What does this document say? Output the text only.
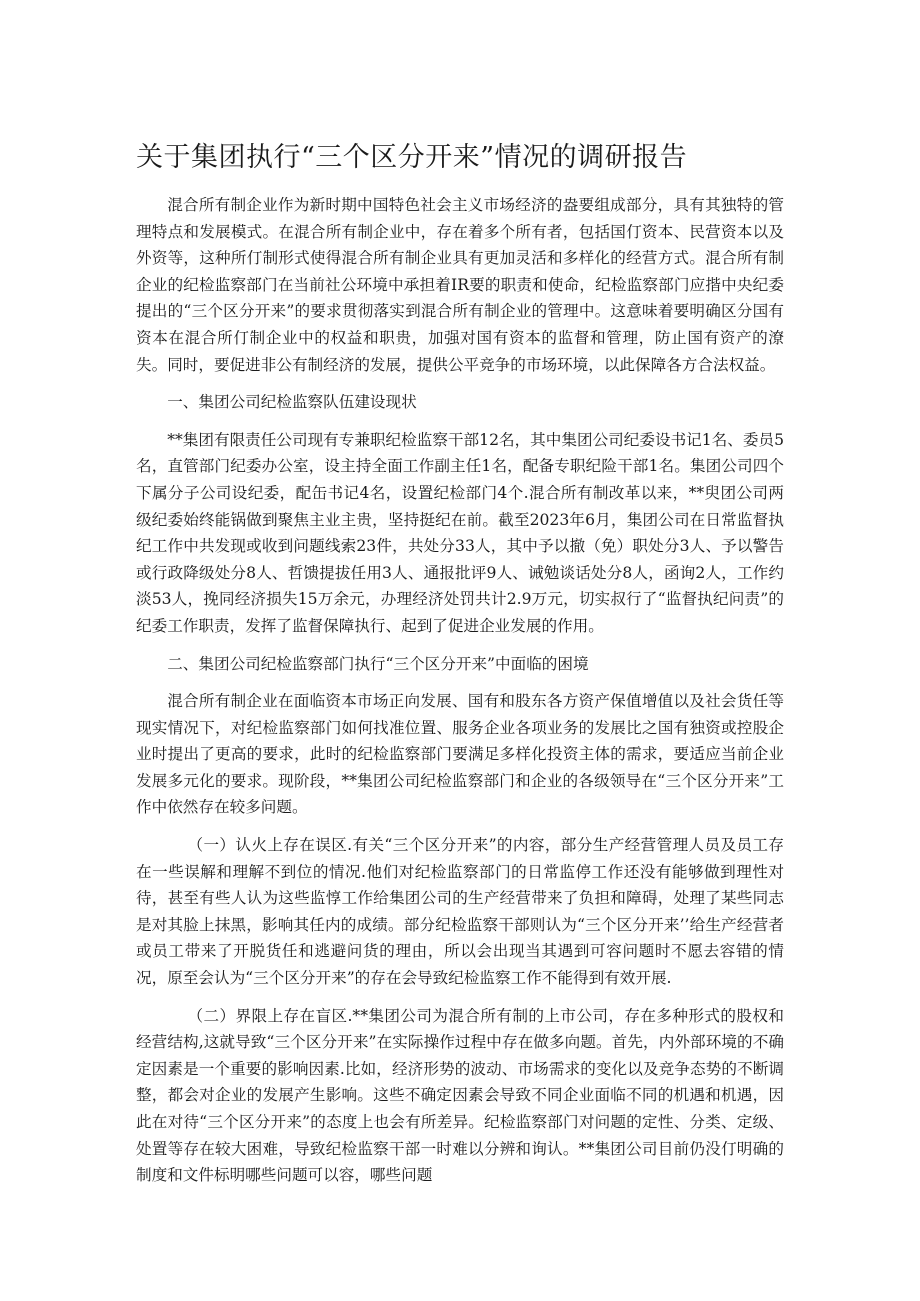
关于集团执行“三个区分开来”情况的调研报告

混合所有制企业作为新时期中国特色社会主义市场经济的盎要组成部分，具有其独特的管理特点和发展模式。在混合所有制企业中，存在着多个所有者，包括国仃资本、民营资本以及外资等，这种所仃制形式使得混合所有制企业具有更加灵活和多样化的经营方式。混合所有制企业的纪检监察部门在当前社公环境中承担着IR要的职责和使命，纪检监察部门应揩中央纪委提出的“三个区分开来”的要求贯彻落实到混合所有制企业的管理中。这意味着要明确区分国有资本在混合所仃制企业中的权益和职贵，加强对国有资本的监督和管理，防止国有资产的潦失。同时，要促进非公有制经济的发展，提供公平竞争的市场环境，以此保障各方合法权益。

一、集团公司纪检监察队伍建设现状

**集团有限责任公司现有专兼职纪检监察干部12名，其中集团公司纪委设书记1名、委员5名，直管部门纪委办公室，设主持全面工作副主任1名，配备专职纪险干部1名。集团公司四个下属分子公司设纪委，配缶书记4名，设置纪检部门4个.混合所有制改革以来，**臾团公司两级纪委始终能锅做到聚焦主业主贵，坚持挺纪在前。截至2023年6月，集团公司在日常监督执纪工作中共发现或收到问题线索23件，共处分33人，其中予以撤（免）职处分3人、予以警告或行政降级处分8人、哲馈提拔任用3人、通报批评9人、诫勉谈话处分8人，函询2人，工作约淡53人，挽同经济损失15万余元，办理经济处罚共计2.9万元，切实叔行了“监督执纪问责”的纪委工作职责，发挥了监督保障执行、起到了促进企业发展的作用。

二、集团公司纪检监察部门执行“三个区分开来”中面临的困境

混合所有制企业在面临资本市场正向发展、国有和股东各方资产保值增值以及社会货任等现实情况下，对纪检监察部门如何找准位置、服务企业各项业务的发展比之国有独资或控股企业时提出了更高的要求，此时的纪检监察部门要满足多样化投资主体的需求，要适应当前企业发展多元化的要求。现阶段，**集团公司纪检监察部门和企业的各级领导在“三个区分开来”工作中依然存在较多问题。

（一）认火上存在误区.有关“三个区分开来”的内容，部分生产经营管理人员及员工存在一些误解和理解不到位的情况.他们对纪检监察部门的日常监停工作还没有能够做到理性对待，甚至有些人认为这些监惇工作给集团公司的生产经营带来了负担和障碍，处理了某些同志是对其脸上抹黑，影响其任内的成绩。部分纪检监察干部则认为“三个区分开来’’给生产经营者或员工带来了开脱货任和逃避问货的理由，所以会出现当其遇到可容问题时不愿去容错的情况，原至会认为“三个区分开来”的存在会导致纪检监察工作不能得到有效开展.

（二）界限上存在盲区.**集团公司为混合所有制的上市公司，存在多种形式的股权和经营结构,这就导致“三个区分开来”在实际操作过程中存在做多向题。首先，内外部环境的不确定因素是一个重要的影响因素.比如，经济形势的波动、市场需求的变化以及竞争态势的不断调整，都会对企业的发展产生影响。这些不确定因素会导致不同企业面临不同的机遇和机遇，因此在对待“三个区分开来”的态度上也会有所差异。纪检监察部门对问题的定性、分类、定级、处置等存在较大困难，导致纪检监察干部一时难以分辨和询认。**集团公司目前仍没仃明确的制度和文件标明哪些问题可以容，哪些问题
